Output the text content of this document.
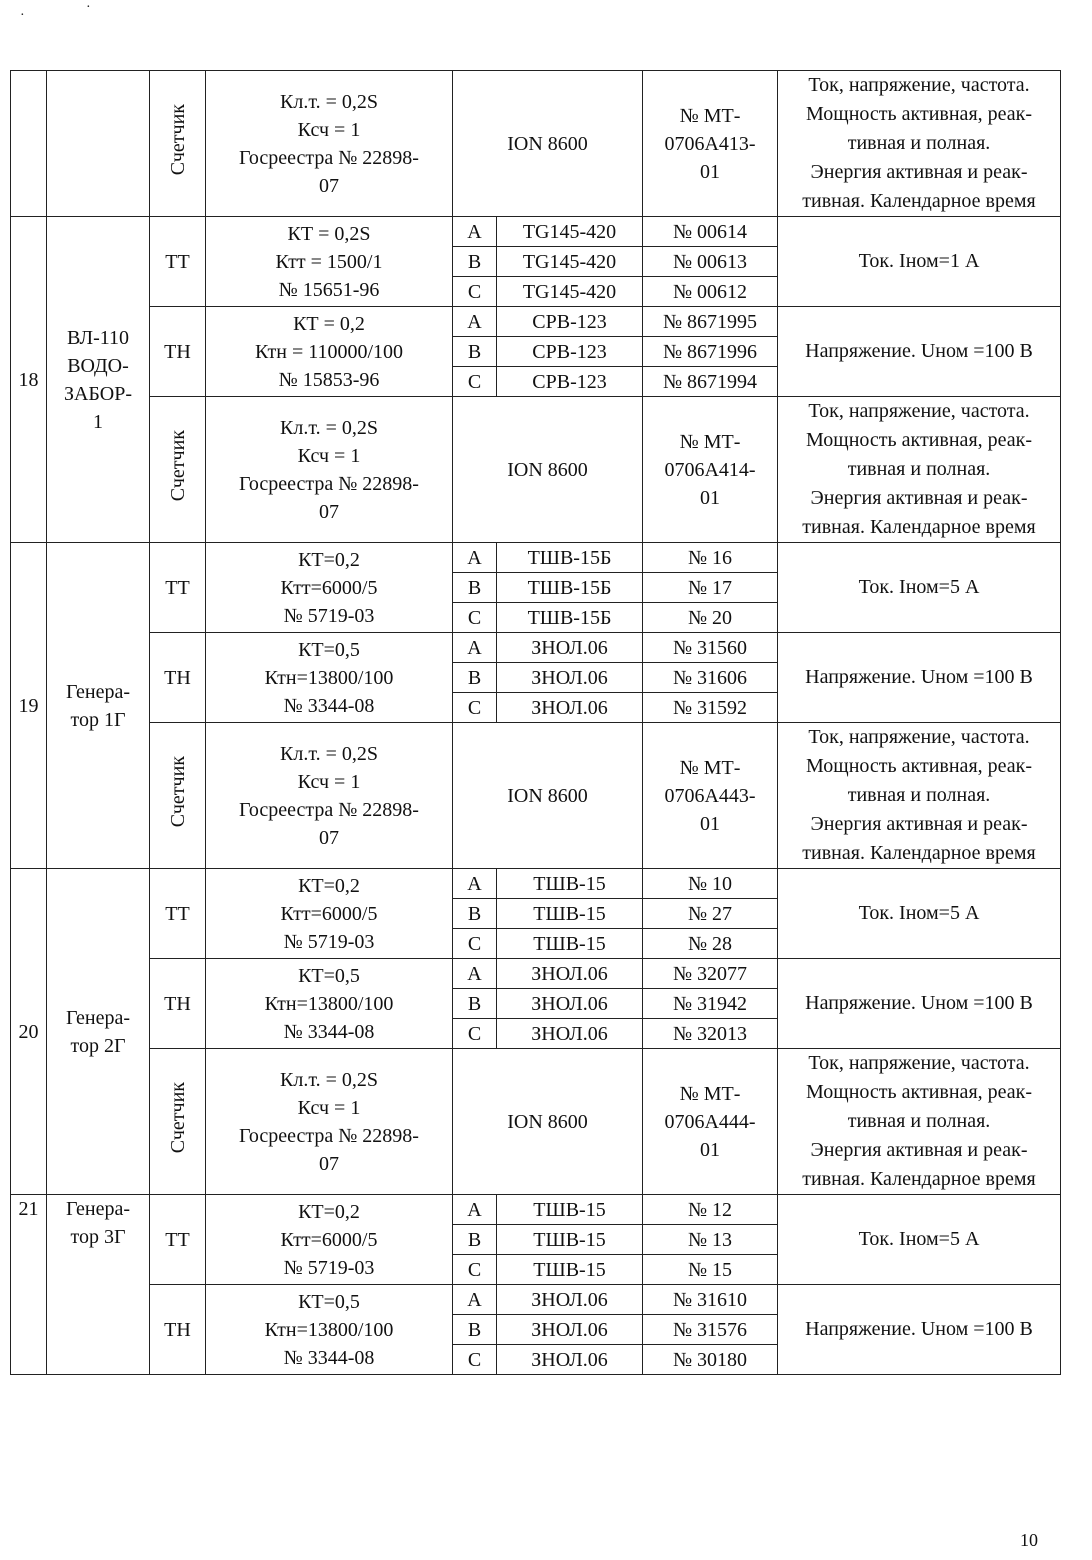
·
·
		Счетчик	Кл.т. = 0,2S
Ксч = 1
Госреестра № 22898-
07	ION 8600		№ МТ-
0706А413-
01	Ток, напряжение, частота.
Мощность активная, реак-
тивная и полная.
Энергия активная и реак-
тивная. Календарное время

18	ВЛ-110
ВОДО-
ЗАБОР-
1	ТТ	КТ = 0,2S
Ктт = 1500/1
№ 15651-96	А	TG145-420	№ 00614	Ток. Iном=1 А
				В	TG145-420	№ 00613	
				С	TG145-420	№ 00612	
		ТН	КТ = 0,2
Ктн = 110000/100
№ 15853-96	А	СРВ-123	№ 8671995	Напряжение. Uном =100 В
				В	СРВ-123	№ 8671996	
				С	СРВ-123	№ 8671994	
		Счетчик	Кл.т. = 0,2S
Ксч = 1
Госреестра № 22898-
07	ION 8600		№ МТ-
0706А414-
01	Ток, напряжение, частота.
Мощность активная, реак-
тивная и полная.
Энергия активная и реак-
тивная. Календарное время

19	Генера-
тор 1Г	ТТ	КТ=0,2
Ктт=6000/5
№ 5719-03	А	ТШВ-15Б	№ 16	Ток. Iном=5 А
				В	ТШВ-15Б	№ 17	
				С	ТШВ-15Б	№ 20	
		ТН	КТ=0,5
Ктн=13800/100
№ 3344-08	А	ЗНОЛ.06	№ 31560	Напряжение. Uном =100 В
				В	ЗНОЛ.06	№ 31606	
				С	ЗНОЛ.06	№ 31592	
		Счетчик	Кл.т. = 0,2S
Ксч = 1
Госреестра № 22898-
07	ION 8600		№ МТ-
0706А443-
01	Ток, напряжение, частота.
Мощность активная, реак-
тивная и полная.
Энергия активная и реак-
тивная. Календарное время

20	Генера-
тор 2Г	ТТ	КТ=0,2
Ктт=6000/5
№ 5719-03	А	ТШВ-15	№ 10	Ток. Iном=5 А
				В	ТШВ-15	№ 27	
				С	ТШВ-15	№ 28	
		ТН	КТ=0,5
Ктн=13800/100
№ 3344-08	А	ЗНОЛ.06	№ 32077	Напряжение. Uном =100 В
				В	ЗНОЛ.06	№ 31942	
				С	ЗНОЛ.06	№ 32013	
		Счетчик	Кл.т. = 0,2S
Ксч = 1
Госреестра № 22898-
07	ION 8600		№ МТ-
0706А444-
01	Ток, напряжение, частота.
Мощность активная, реак-
тивная и полная.
Энергия активная и реак-
тивная. Календарное время

21	Генера-
тор 3Г	ТТ	КТ=0,2
Ктт=6000/5
№ 5719-03	А	ТШВ-15	№ 12	Ток. Iном=5 А
				В	ТШВ-15	№ 13	
				С	ТШВ-15	№ 15	
		ТН	КТ=0,5
Ктн=13800/100
№ 3344-08	А	ЗНОЛ.06	№ 31610	Напряжение. Uном =100 В
				В	ЗНОЛ.06	№ 31576	
				С	ЗНОЛ.06	№ 30180	
10
